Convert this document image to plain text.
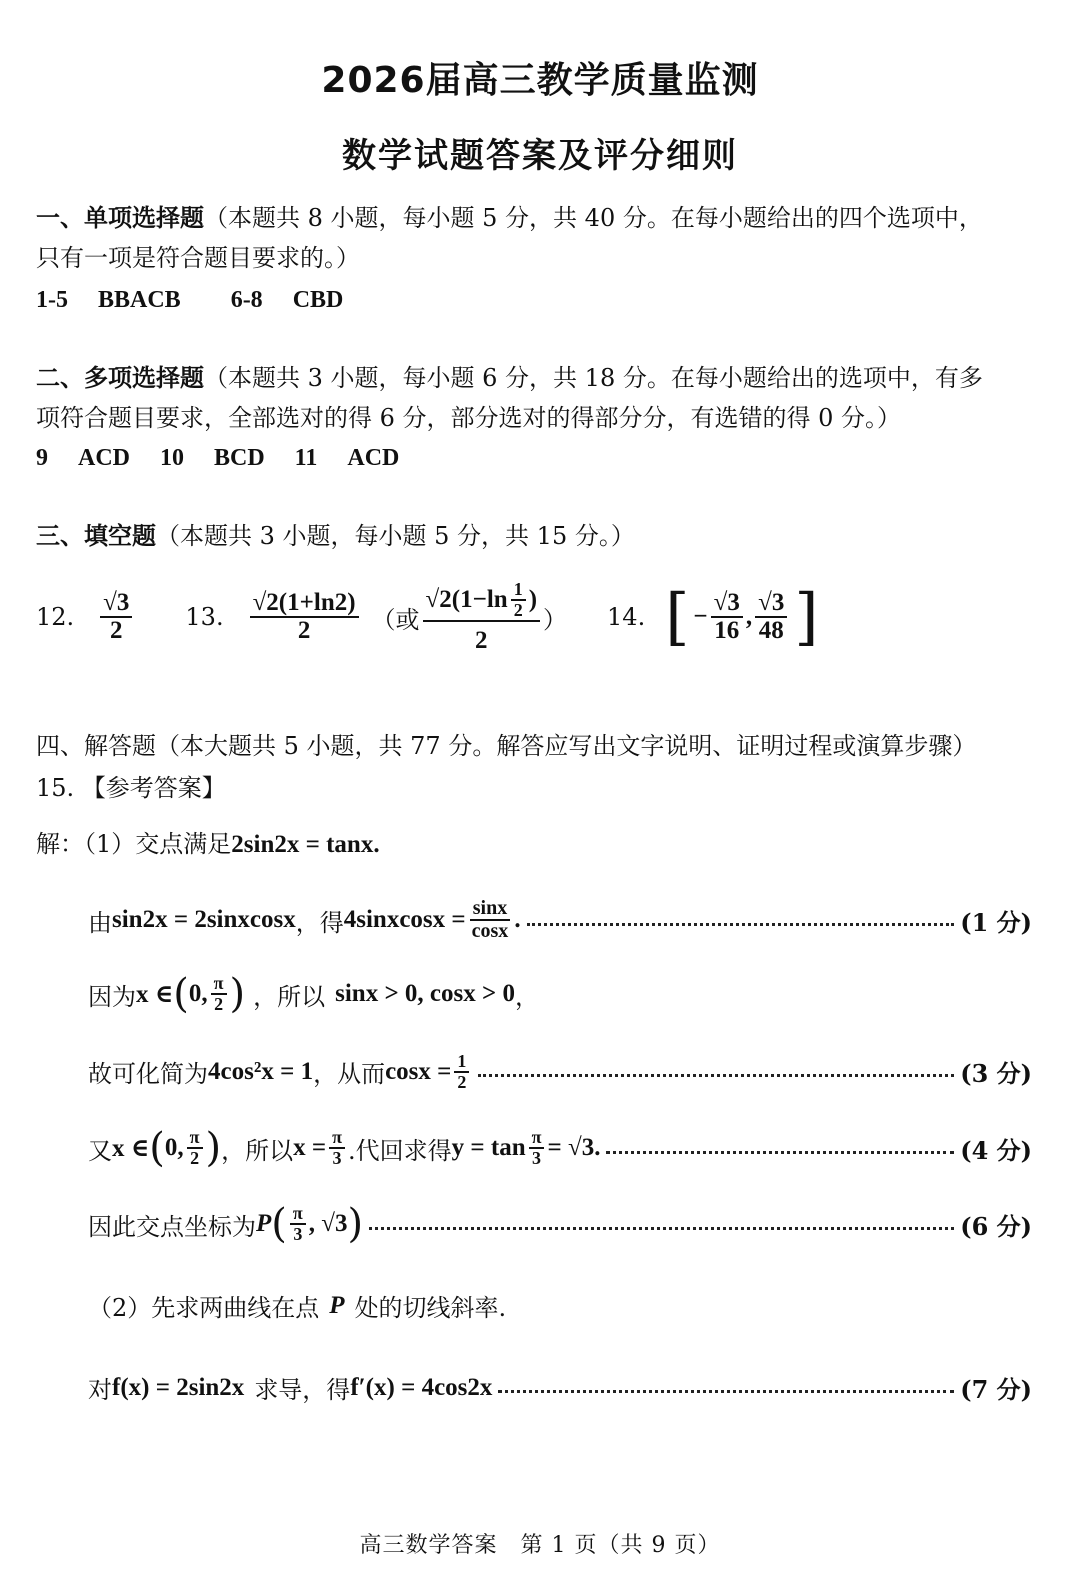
2026届高三教学质量监测
数学试题答案及评分细则
一、单项选择题（本题共 8 小题，每小题 5 分，共 40 分。在每小题给出的四个选项中，
只有一项是符合题目要求的。）
1-5 BBACB 6-8 CBD
二、多项选择题（本题共 3 小题，每小题 6 分，共 18 分。在每小题给出的选项中，有多
项符合题目要求，全部选对的得 6 分，部分选对的得部分分，有选错的得 0 分。）
9 ACD 10 BCD 11 ACD
三、填空题（本题共 3 小题，每小题 5 分，共 15 分。）
12. $\frac{√3}{2} 13$. $\frac{√2(1+\ln 2)}{2}$ （或 $\frac{√2(1-\ln \frac{1}{2} )}{2}$ ） 14. [ − $\frac{√3}{16}$ , $\frac{√3}{48}$ ]
四、解答题（本大题共 5 小题，共 77 分。解答应写出文字说明、证明过程或演算步骤）
15. 【参考答案】
解：（1）交点满足2sin2x = tanx.
由 sin2x = 2sinxcosx ，得 4sinxcosx = $\frac{\sin x}{\cos x}$ .	(1 分)
因为 x ∈ ( 0, $\frac{\pi}{2}$ ) ，所以 sinx > 0, cosx > 0 ，
故可化简为 4cos²x = 1 ，从而 $\cos x = \frac{1}{2}$	(3 分)
又 x ∈ ( 0, $\frac{\pi}{2}$ ) ，所以 $x = \frac{\pi}{3}$ .代回求得 $y = \tan \frac{\pi}{3} = √3$.	(4 分)
因此交点坐标为 P ( $\frac{\pi}{3}$ , √3 )	(6 分)
（2）先求两曲线在点 P 处的切线斜率.
对 f(x) = 2sin2x 求导，得 f′(x) = 4cos2x	(7 分)
高三数学答案　第 1 页（共 9 页）
